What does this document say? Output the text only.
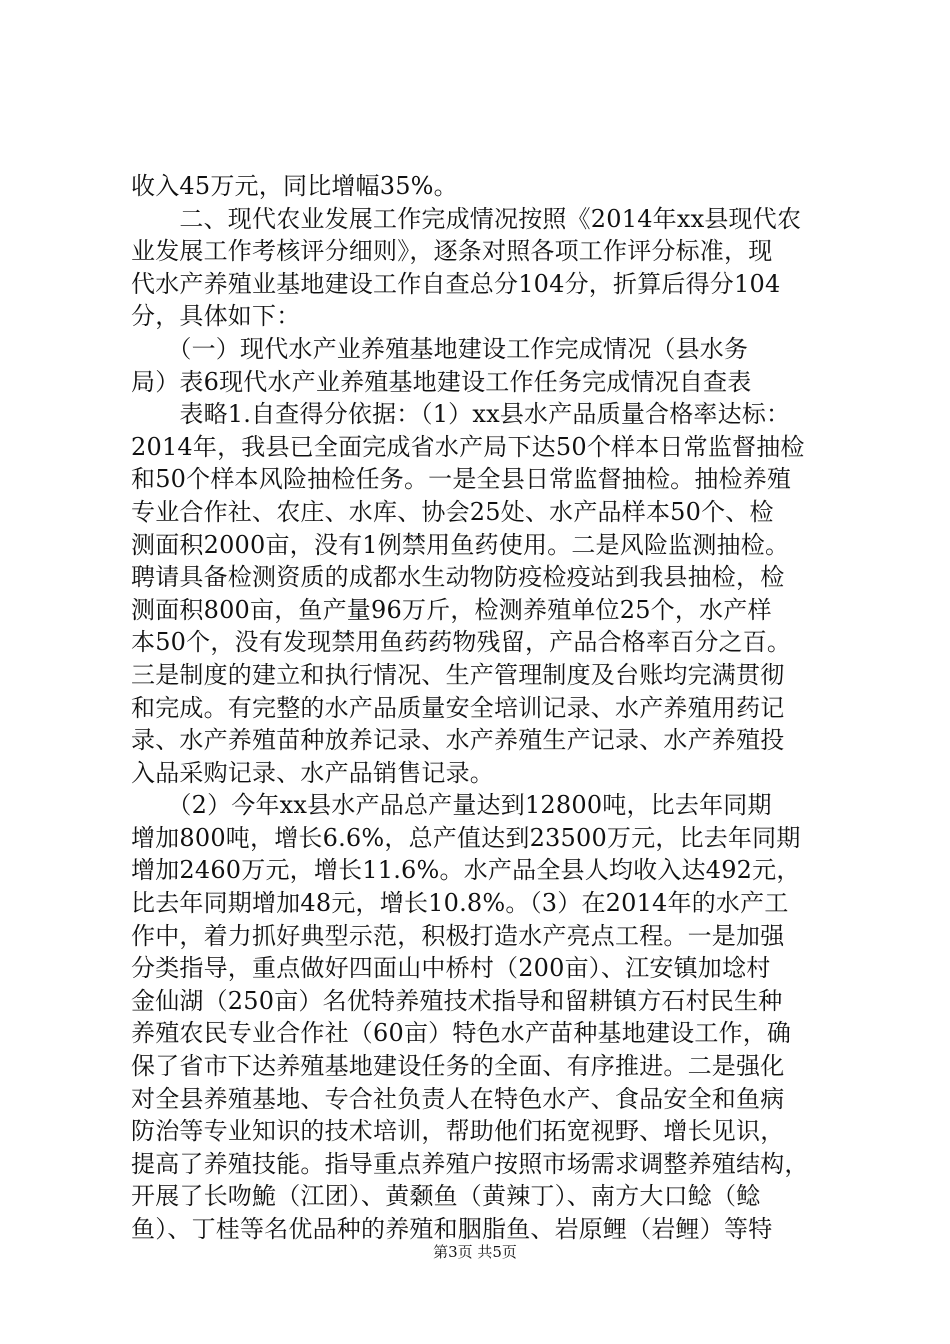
收入45万元，同比增幅35%。
　　二、现代农业发展工作完成情况按照《2014年xx县现代农
业发展工作考核评分细则》，逐条对照各项工作评分标准，现
代水产养殖业基地建设工作自查总分104分，折算后得分104
分，具体如下：
　　（一）现代水产业养殖基地建设工作完成情况（县水务
局）表6现代水产业养殖基地建设工作任务完成情况自查表
　　表略1.自查得分依据：（1）xx县水产品质量合格率达标：
2014年，我县已全面完成省水产局下达50个样本日常监督抽检
和50个样本风险抽检任务。一是全县日常监督抽检。抽检养殖
专业合作社、农庄、水库、协会25处、水产品样本50个、检
测面积2000亩，没有1例禁用鱼药使用。二是风险监测抽检。
聘请具备检测资质的成都水生动物防疫检疫站到我县抽检，检
测面积800亩，鱼产量96万斤，检测养殖单位25个，水产样
本50个，没有发现禁用鱼药药物残留，产品合格率百分之百。
三是制度的建立和执行情况、生产管理制度及台账均完满贯彻
和完成。有完整的水产品质量安全培训记录、水产养殖用药记
录、水产养殖苗种放养记录、水产养殖生产记录、水产养殖投
入品采购记录、水产品销售记录。
　　（2）今年xx县水产品总产量达到12800吨，比去年同期
增加800吨，增长6.6%，总产值达到23500万元，比去年同期
增加2460万元，增长11.6%。水产品全县人均收入达492元，
比去年同期增加48元，增长10.8%。（3）在2014年的水产工
作中，着力抓好典型示范，积极打造水产亮点工程。一是加强
分类指导，重点做好四面山中桥村（200亩）、江安镇加埝村
金仙湖（250亩）名优特养殖技术指导和留耕镇方石村民生种
养殖农民专业合作社（60亩）特色水产苗种基地建设工作，确
保了省市下达养殖基地建设任务的全面、有序推进。二是强化
对全县养殖基地、专合社负责人在特色水产、食品安全和鱼病
防治等专业知识的技术培训，帮助他们拓宽视野、增长见识，
提高了养殖技能。指导重点养殖户按照市场需求调整养殖结构，
开展了长吻鮠（江团）、黄颡鱼（黄辣丁）、南方大口鲶（鲶
鱼）、丁桂等名优品种的养殖和胭脂鱼、岩原鲤（岩鲤）等特
第3页 共5页
